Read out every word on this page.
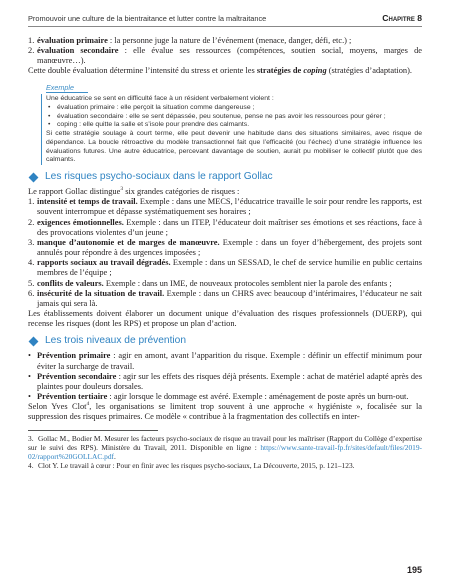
Promouvoir une culture de la bientraitance et lutter contre la maltraitance	Chapitre 8
1. évaluation primaire : la personne juge la nature de l’événement (menace, danger, défi, etc.) ;
2. évaluation secondaire : elle évalue ses ressources (compétences, soutien social, moyens, marges de manœuvre…).
Cette double évaluation détermine l’intensité du stress et oriente les stratégies de coping (stratégies d’adaptation).
Exemple
Une éducatrice se sent en difficulté face à un résident verbalement violent :
• évaluation primaire : elle perçoit la situation comme dangereuse ;
• évaluation secondaire : elle se sent dépassée, peu soutenue, pense ne pas avoir les ressources pour gérer ;
• coping : elle quitte la salle et s’isole pour prendre des calmants.
Si cette stratégie soulage à court terme, elle peut devenir une habitude dans des situations similaires, avec risque de dépendance. La boucle rétroactive du modèle transactionnel fait que l’efficacité (ou l’échec) d’une stratégie influence les évaluations futures. Une autre éducatrice, percevant davantage de soutien, aurait pu mobiliser le collectif plutôt que des calmants.
Les risques psycho-sociaux dans le rapport Gollac
Le rapport Gollac distingue$^3$ six grandes catégories de risques :
1. intensité et temps de travail. Exemple : dans une MECS, l’éducatrice travaille le soir pour rendre les rapports, est souvent interrompue et dépasse systématiquement ses horaires ;
2. exigences émotionnelles. Exemple : dans un ITEP, l’éducateur doit maîtriser ses émotions et ses réactions, face à des provocations violentes d’un jeune ;
3. manque d’autonomie et de marges de manœuvre. Exemple : dans un foyer d’hébergement, des projets sont annulés pour répondre à des urgences imposées ;
4. rapports sociaux au travail dégradés. Exemple : dans un SESSAD, le chef de service humilie en public certains membres de l’équipe ;
5. conflits de valeurs. Exemple : dans un IME, de nouveaux protocoles semblent nier la parole des enfants ;
6. insécurité de la situation de travail. Exemple : dans un CHRS avec beaucoup d’intérimaires, l’éducateur ne sait jamais qui sera là.
Les établissements doivent élaborer un document unique d’évaluation des risques professionnels (DUERP), qui recense les risques (dont les RPS) et propose un plan d’action.
Les trois niveaux de prévention
• Prévention primaire : agir en amont, avant l’apparition du risque. Exemple : définir un effectif minimum pour éviter la surcharge de travail.
• Prévention secondaire : agir sur les effets des risques déjà présents. Exemple : achat de matériel adapté après des plaintes pour douleurs dorsales.
• Prévention tertiaire : agir lorsque le dommage est avéré. Exemple : aménagement de poste après un burn-out.
Selon Yves Clot$^4$, les organisations se limitent trop souvent à une approche « hygiéniste », focalisée sur la suppression des risques primaires. Ce modèle « contribue à la fragmentation des collectifs en inter-
3. Gollac M., Bodier M. Mesurer les facteurs psycho-sociaux de risque au travail pour les maîtriser (Rapport du Collège d’expertise sur le suivi des RPS). Ministère du Travail, 2011. Disponible en ligne : https://www.sante-travail-fp.fr/sites/default/files/2019-02/rapport%20GOLLAC.pdf.
4. Clot Y. Le travail à cœur : Pour en finir avec les risques psycho-sociaux, La Découverte, 2015, p. 121–123.
195
